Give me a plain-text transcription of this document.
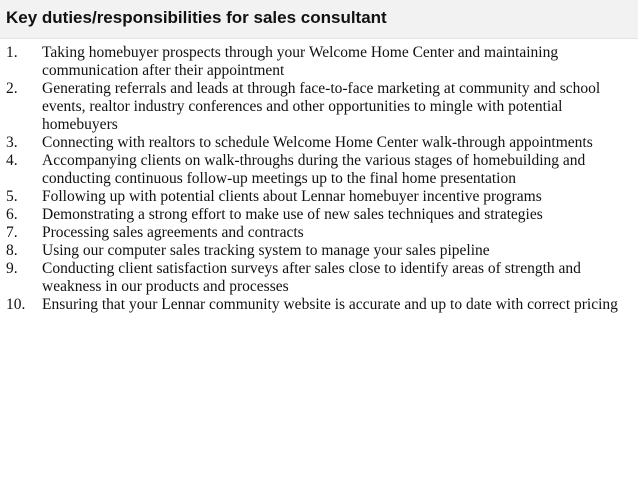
Key duties/responsibilities for sales consultant
1.	Taking homebuyer prospects through your Welcome Home Center and maintaining communication after their appointment
2.	Generating referrals and leads at through face-to-face marketing at community and school events, realtor industry conferences and other opportunities to mingle with potential homebuyers
3.	Connecting with realtors to schedule Welcome Home Center walk-through appointments
4.	Accompanying clients on walk-throughs during the various stages of homebuilding and conducting continuous follow-up meetings up to the final home presentation
5.	Following up with potential clients about Lennar homebuyer incentive programs
6.	Demonstrating a strong effort to make use of new sales techniques and strategies
7.	Processing sales agreements and contracts
8.	Using our computer sales tracking system to manage your sales pipeline
9.	Conducting client satisfaction surveys after sales close to identify areas of strength and weakness in our products and processes
10.	Ensuring that your Lennar community website is accurate and up to date with correct pricing
